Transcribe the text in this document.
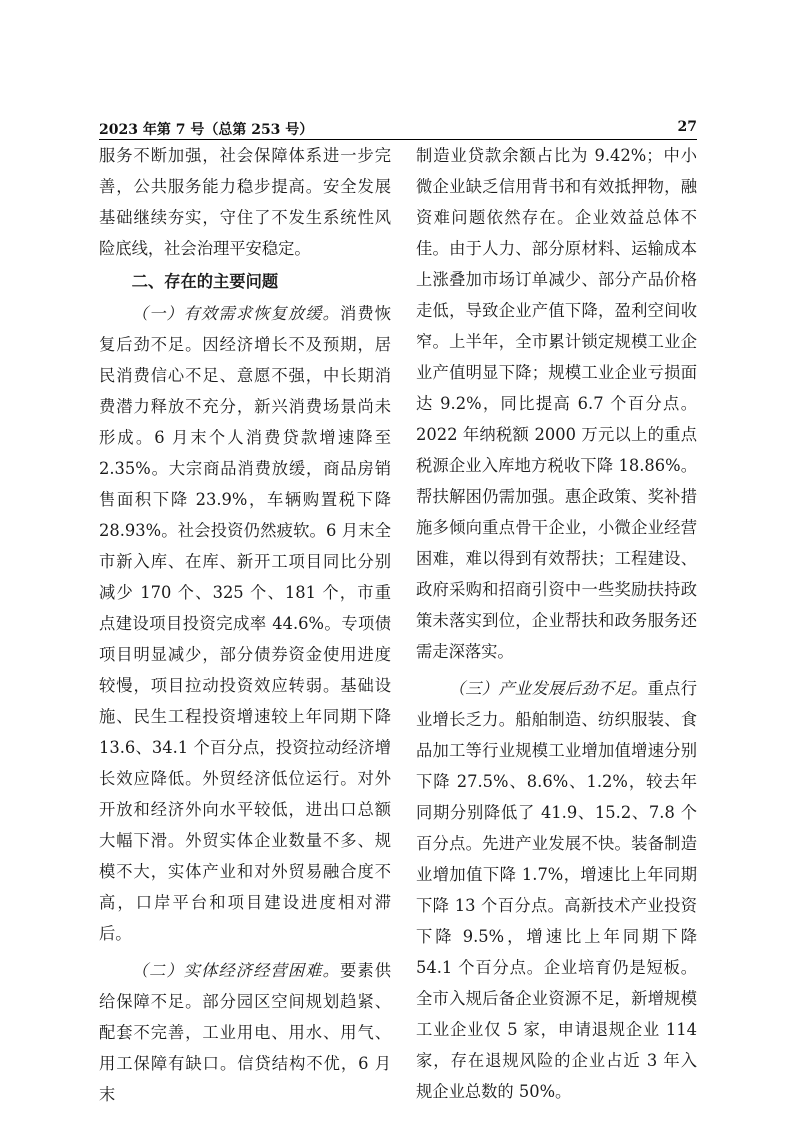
2023 年第 7 号（总第 253 号）	27

服务不断加强，社会保障体系进一步完善，公共服务能力稳步提高。安全发展基础继续夯实，守住了不发生系统性风险底线，社会治理平安稳定。

二、存在的主要问题

（一）有效需求恢复放缓。消费恢复后劲不足。因经济增长不及预期，居民消费信心不足、意愿不强，中长期消费潜力释放不充分，新兴消费场景尚未形成。6 月末个人消费贷款增速降至 2.35%。大宗商品消费放缓，商品房销售面积下降 23.9%，车辆购置税下降 28.93%。社会投资仍然疲软。6 月末全市新入库、在库、新开工项目同比分别减少 170 个、325 个、181 个，市重点建设项目投资完成率 44.6%。专项债项目明显减少，部分债券资金使用进度较慢，项目拉动投资效应转弱。基础设施、民生工程投资增速较上年同期下降 13.6、34.1 个百分点，投资拉动经济增长效应降低。外贸经济低位运行。对外开放和经济外向水平较低，进出口总额大幅下滑。外贸实体企业数量不多、规模不大，实体产业和对外贸易融合度不高，口岸平台和项目建设进度相对滞后。

（二）实体经济经营困难。要素供给保障不足。部分园区空间规划趋紧、配套不完善，工业用电、用水、用气、用工保障有缺口。信贷结构不优，6 月末

制造业贷款余额占比为 9.42%；中小微企业缺乏信用背书和有效抵押物，融资难问题依然存在。企业效益总体不佳。由于人力、部分原材料、运输成本上涨叠加市场订单减少、部分产品价格走低，导致企业产值下降，盈利空间收窄。上半年，全市累计锁定规模工业企业产值明显下降；规模工业企业亏损面达 9.2%，同比提高 6.7 个百分点。2022 年纳税额 2000 万元以上的重点税源企业入库地方税收下降 18.86%。帮扶解困仍需加强。惠企政策、奖补措施多倾向重点骨干企业，小微企业经营困难，难以得到有效帮扶；工程建设、政府采购和招商引资中一些奖励扶持政策未落实到位，企业帮扶和政务服务还需走深落实。

（三）产业发展后劲不足。重点行业增长乏力。船舶制造、纺织服装、食品加工等行业规模工业增加值增速分别下降 27.5%、8.6%、1.2%，较去年同期分别降低了 41.9、15.2、7.8 个百分点。先进产业发展不快。装备制造业增加值下降 1.7%，增速比上年同期下降 13 个百分点。高新技术产业投资下降 9.5%，增速比上年同期下降 54.1 个百分点。企业培育仍是短板。全市入规后备企业资源不足，新增规模工业企业仅 5 家，申请退规企业 114 家，存在退规风险的企业占近 3 年入规企业总数的 50%。
